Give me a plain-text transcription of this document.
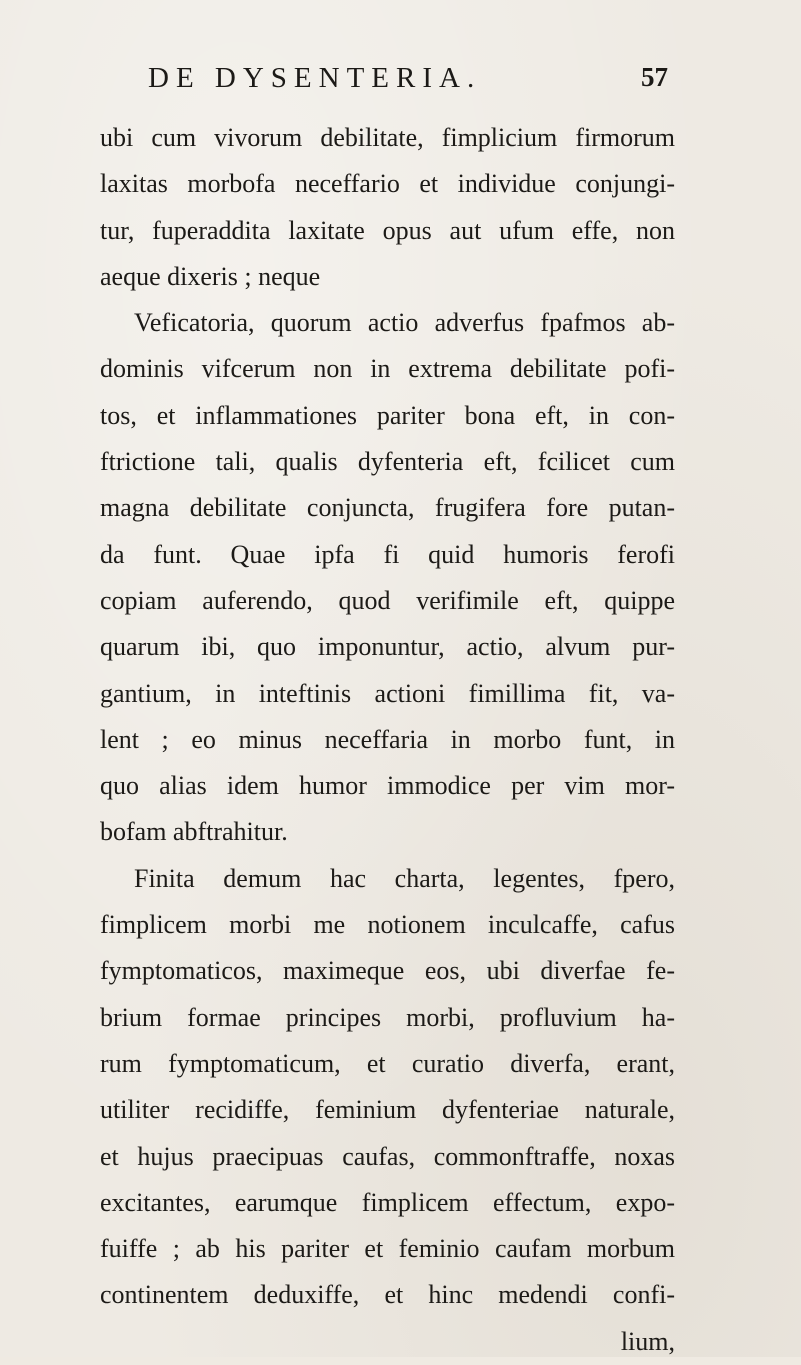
DE DYSENTERIA.	57
ubi cum vivorum debilitate, fimplicium firmorum
laxitas morbofa neceffario et individue conjungi-
tur, fuperaddita laxitate opus aut ufum effe, non
aeque dixeris ; neque
Veficatoria, quorum actio adverfus fpafmos ab-
dominis vifcerum non in extrema debilitate pofi-
tos, et inflammationes pariter bona eft, in con-
ftrictione tali, qualis dyfenteria eft, fcilicet cum
magna debilitate conjuncta, frugifera fore putan-
da funt. Quae ipfa fi quid humoris ferofi
copiam auferendo, quod verifimile eft, quippe
quarum ibi, quo imponuntur, actio, alvum pur-
gantium, in inteftinis actioni fimillima fit, va-
lent ; eo minus neceffaria in morbo funt, in
quo alias idem humor immodice per vim mor-
bofam abftrahitur.
Finita demum hac charta, legentes, fpero,
fimplicem morbi me notionem inculcaffe, cafus
fymptomaticos, maximeque eos, ubi diverfae fe-
brium formae principes morbi, profluvium ha-
rum fymptomaticum, et curatio diverfa, erant,
utiliter recidiffe, feminium dyfenteriae naturale,
et hujus praecipuas caufas, commonftraffe, noxas
excitantes, earumque fimplicem effectum, expo-
fuiffe ; ab his pariter et feminio caufam morbum
continentem deduxiffe, et hinc medendi confi-
lium,
